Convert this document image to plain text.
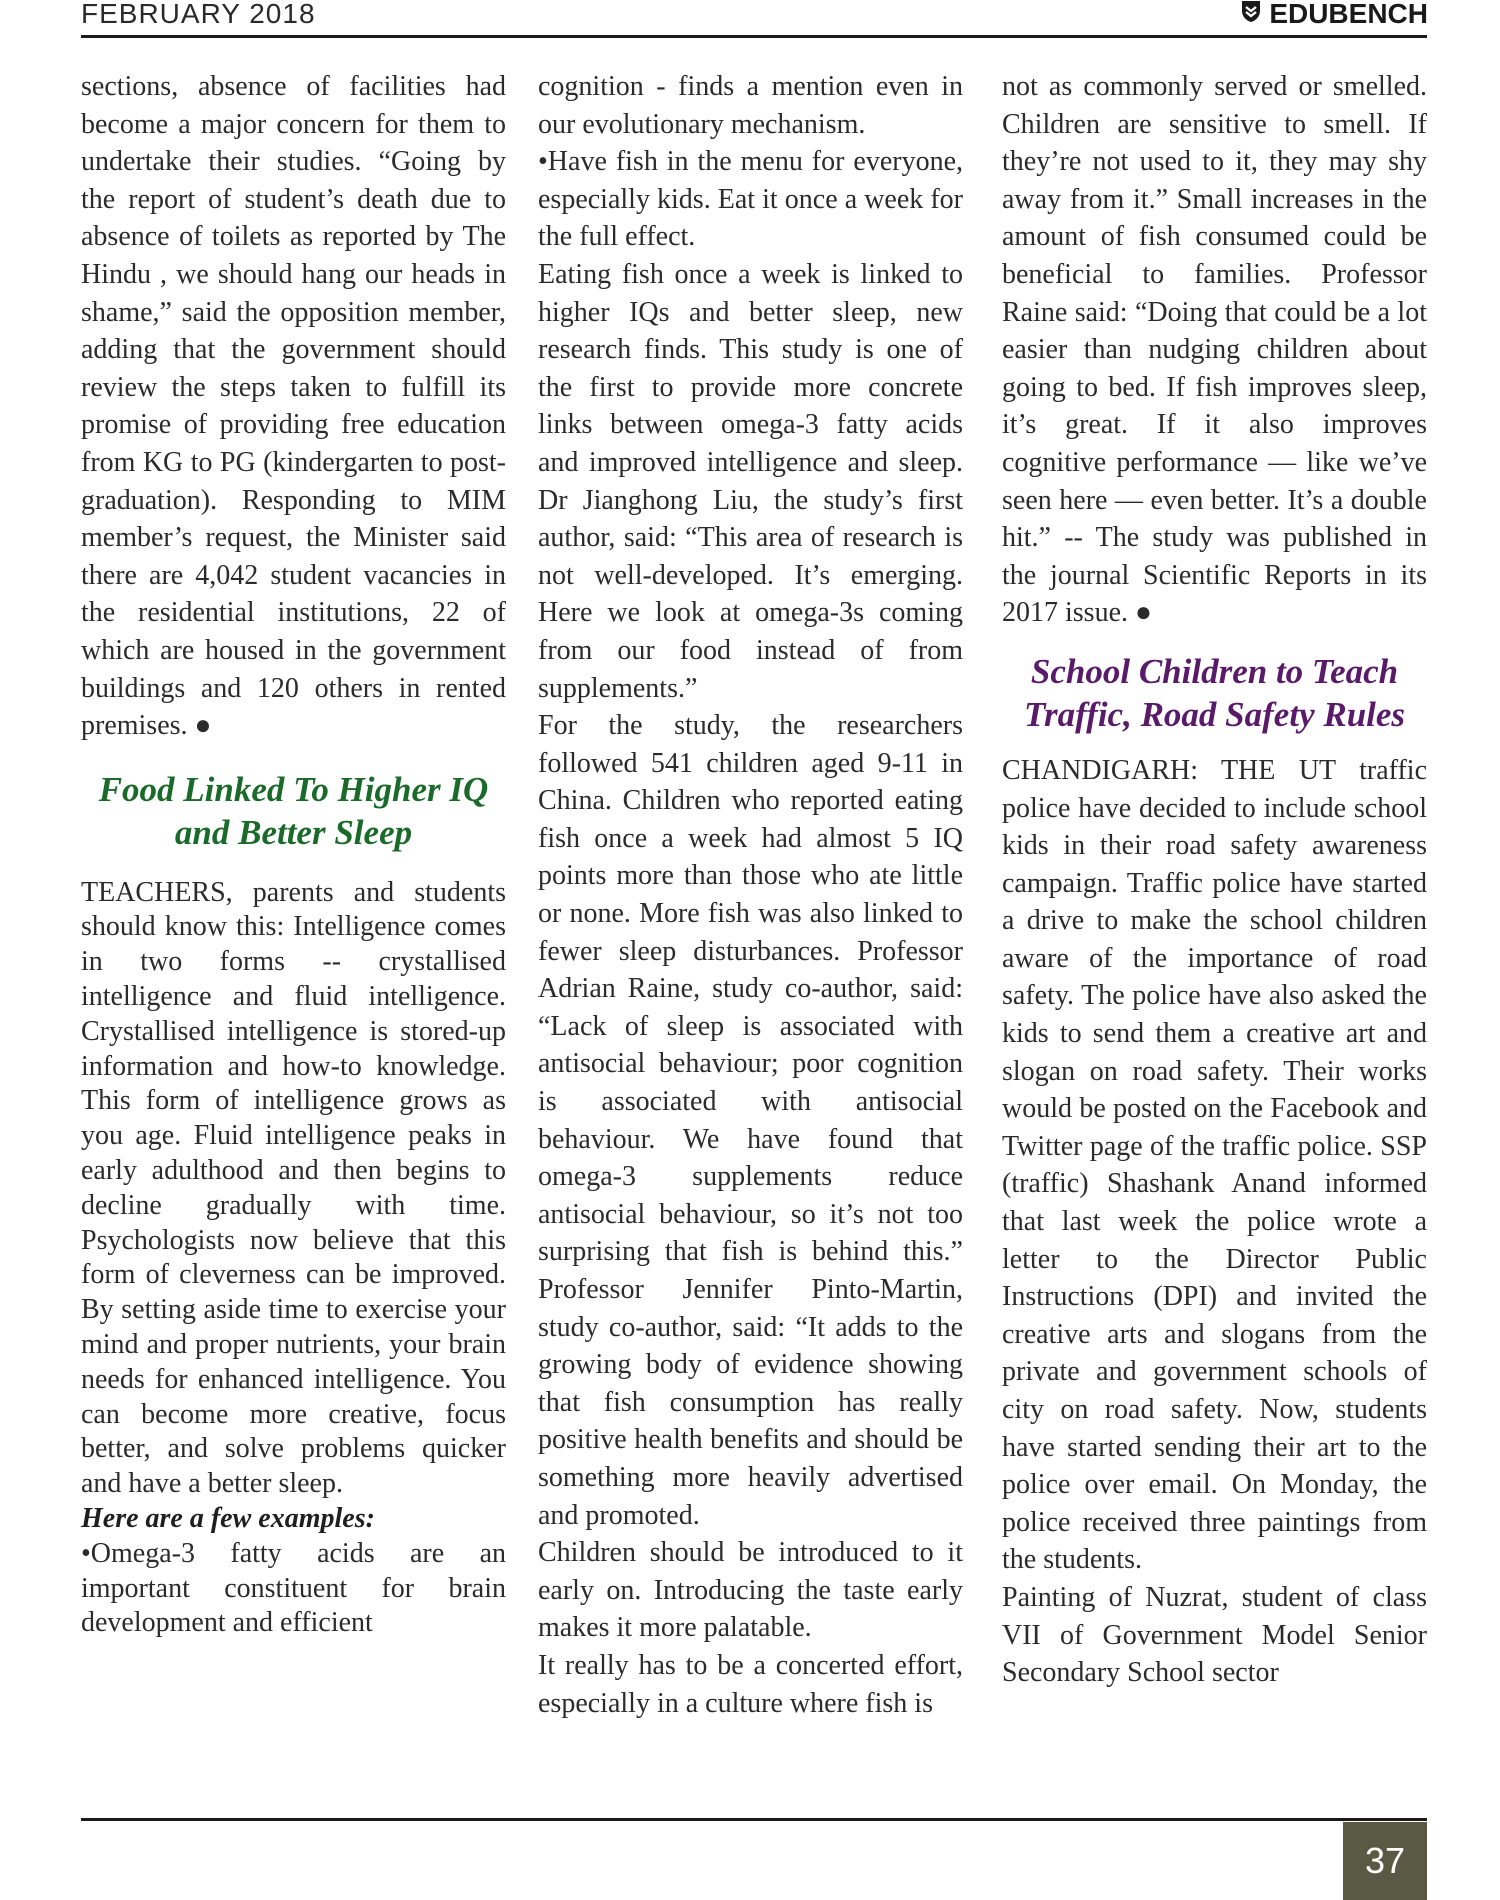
FEBRUARY 2018	EDUBENCH

sections, absence of facilities had become a major concern for them to undertake their studies. “Going by the report of student’s death due to absence of toilets as reported by The Hindu , we should hang our heads in shame,” said the opposition member, adding that the government should review the steps taken to fulfill its promise of providing free education from KG to PG (kindergarten to post-graduation). Responding to MIM member’s request, the Minister said there are 4,042 student vacancies in the residential institutions, 22 of which are housed in the government buildings and 120 others in rented premises. ●

Food Linked To Higher IQ and Better Sleep

TEACHERS, parents and students should know this: Intelligence comes in two forms -- crystallised intelligence and fluid intelligence. Crystallised intelligence is stored-up information and how-to knowledge. This form of intelligence grows as you age. Fluid intelligence peaks in early adulthood and then begins to decline gradually with time. Psychologists now believe that this form of cleverness can be improved. By setting aside time to exercise your mind and proper nutrients, your brain needs for enhanced intelligence. You can become more creative, focus better, and solve problems quicker and have a better sleep.

Here are a few examples:

•Omega-3 fatty acids are an important constituent for brain development and efficient

cognition - finds a mention even in our evolutionary mechanism.

•Have fish in the menu for everyone, especially kids. Eat it once a week for the full effect.

Eating fish once a week is linked to higher IQs and better sleep, new research finds. This study is one of the first to provide more concrete links between omega-3 fatty acids and improved intelligence and sleep. Dr Jianghong Liu, the study’s first author, said: “This area of research is not well-developed. It’s emerging. Here we look at omega-3s coming from our food instead of from supplements.”

For the study, the researchers followed 541 children aged 9-11 in China. Children who reported eating fish once a week had almost 5 IQ points more than those who ate little or none. More fish was also linked to fewer sleep disturbances. Professor Adrian Raine, study co-author, said: “Lack of sleep is associated with antisocial behaviour; poor cognition is associated with antisocial behaviour. We have found that omega-3 supplements reduce antisocial behaviour, so it’s not too surprising that fish is behind this.” Professor Jennifer Pinto-Martin, study co-author, said: “It adds to the growing body of evidence showing that fish consumption has really positive health benefits and should be something more heavily advertised and promoted.

Children should be introduced to it early on. Introducing the taste early makes it more palatable.

It really has to be a concerted effort, especially in a culture where fish is

not as commonly served or smelled. Children are sensitive to smell. If they’re not used to it, they may shy away from it.” Small increases in the amount of fish consumed could be beneficial to families. Professor Raine said: “Doing that could be a lot easier than nudging children about going to bed. If fish improves sleep, it’s great. If it also improves cognitive performance — like we’ve seen here — even better. It’s a double hit.” -- The study was published in the journal Scientific Reports in its 2017 issue. ●

School Children to Teach Traffic, Road Safety Rules

CHANDIGARH: THE UT traffic police have decided to include school kids in their road safety awareness campaign. Traffic police have started a drive to make the school children aware of the importance of road safety. The police have also asked the kids to send them a creative art and slogan on road safety. Their works would be posted on the Facebook and Twitter page of the traffic police. SSP (traffic) Shashank Anand informed that last week the police wrote a letter to the Director Public Instructions (DPI) and invited the creative arts and slogans from the private and government schools of city on road safety. Now, students have started sending their art to the police over email. On Monday, the police received three paintings from the students.

Painting of Nuzrat, student of class VII of Government Model Senior Secondary School sector

37
